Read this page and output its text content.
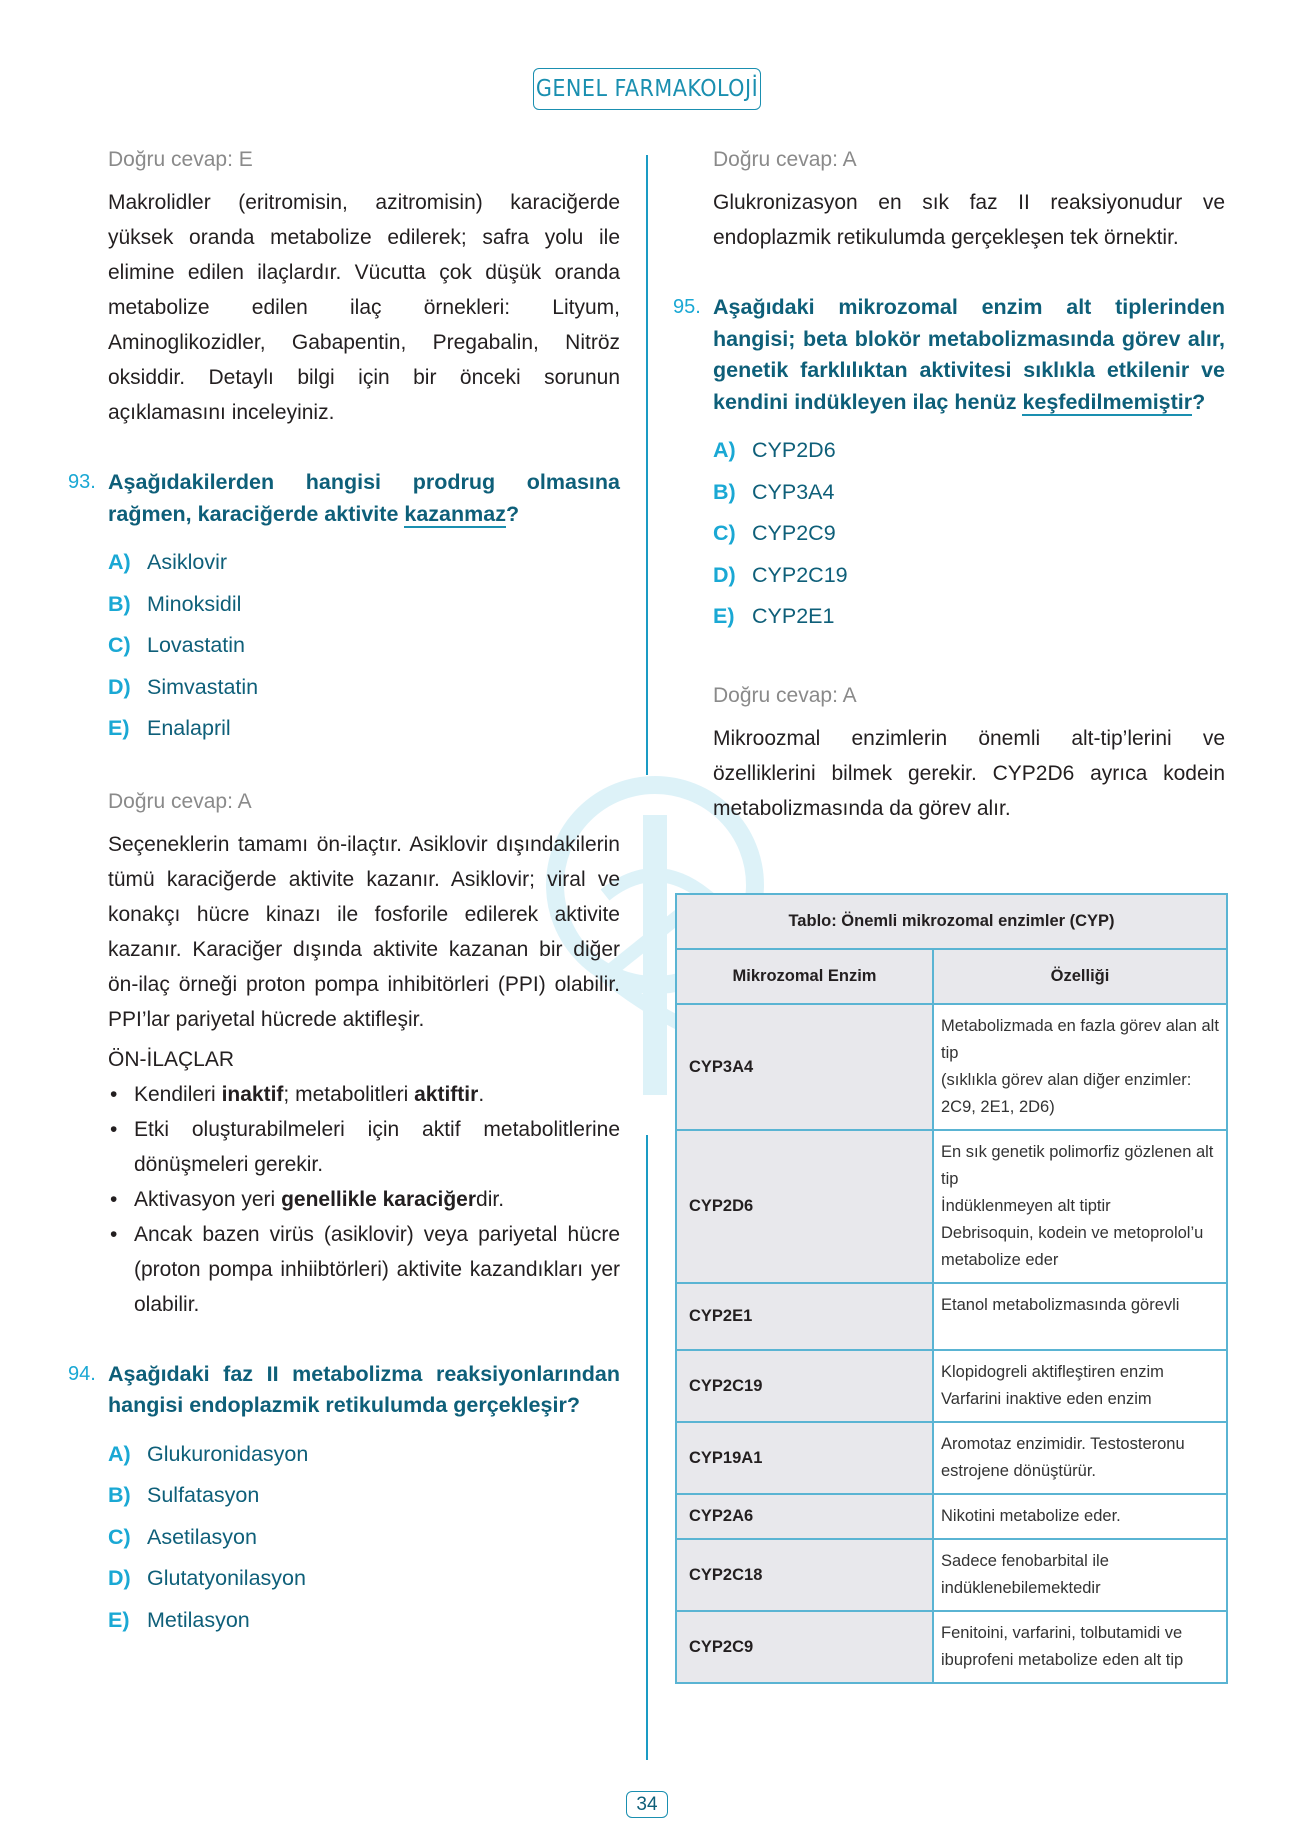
GENEL FARMAKOLOJİ

Doğru cevap: E

Makrolidler (eritromisin, azitromisin) karaciğerde yüksek oranda metabolize edilerek; safra yolu ile elimine edilen ilaçlardır. Vücutta çok düşük oranda metabolize edilen ilaç örnekleri: Lityum, Aminoglikozidler, Gabapentin, Pregabalin, Nitröz oksiddir. Detaylı bilgi için bir önceki sorunun açıklamasını inceleyiniz.

93. Aşağıdakilerden hangisi prodrug olmasına rağmen, karaciğerde aktivite kazanmaz?

A) Asiklovir
B) Minoksidil
C) Lovastatin
D) Simvastatin
E) Enalapril

Doğru cevap: A

Seçeneklerin tamamı ön-ilaçtır. Asiklovir dışındakilerin tümü karaciğerde aktivite kazanır. Asiklovir; viral ve konakçı hücre kinazı ile fosforile edilerek aktivite kazanır. Karaciğer dışında aktivite kazanan bir diğer ön-ilaç örneği proton pompa inhibitörleri (PPI) olabilir. PPI’lar pariyetal hücrede aktifleşir.

ÖN-İLAÇLAR

• Kendileri inaktif; metabolitleri aktiftir.
• Etki oluşturabilmeleri için aktif metabolitlerine dönüşmeleri gerekir.
• Aktivasyon yeri genellikle karaciğerdir.
• Ancak bazen virüs (asiklovir) veya pariyetal hücre (proton pompa inhiibtörleri) aktivite kazandıkları yer olabilir.

94. Aşağıdaki faz II metabolizma reaksiyonlarından hangisi endoplazmik retikulumda gerçekleşir?

A) Glukuronidasyon
B) Sulfatasyon
C) Asetilasyon
D) Glutatyonilasyon
E) Metilasyon

Doğru cevap: A

Glukronizasyon en sık faz II reaksiyonudur ve endoplazmik retikulumda gerçekleşen tek örnektir.

95. Aşağıdaki mikrozomal enzim alt tiplerinden hangisi; beta blokör metabolizmasında görev alır, genetik farklılıktan aktivitesi sıklıkla etkilenir ve kendini indükleyen ilaç henüz keşfedilmemiştir?

A) CYP2D6
B) CYP3A4
C) CYP2C9
D) CYP2C19
E) CYP2E1

Doğru cevap: A

Mikroozmal enzimlerin önemli alt-tip’lerini ve özelliklerini bilmek gerekir. CYP2D6 ayrıca kodein metabolizmasında da görev alır.

Tablo: Önemli mikrozomal enzimler (CYP)	
Mikrozomal Enzim	Özelliği
CYP3A4	Metabolizmada en fazla görev alan alt tip
(sıklıkla görev alan diğer enzimler: 2C9, 2E1, 2D6)

CYP2D6	En sık genetik polimorfiz gözlenen alt tip
İndüklenmeyen alt tiptir
Debrisoquin, kodein ve metoprolol’u metabolize eder

CYP2E1	Etanol metabolizmasında görevli

CYP2C19	Klopidogreli aktifleştiren enzim
Varfarini inaktive eden enzim

CYP19A1	Aromotaz enzimidir. Testosteronu estrojene dönüştürür.

CYP2A6	Nikotini metabolize eder.

CYP2C18	Sadece fenobarbital ile indüklenebilemektedir

CYP2C9	Fenitoini, varfarini, tolbutamidi ve ibuprofeni metabolize eden alt tip
34
